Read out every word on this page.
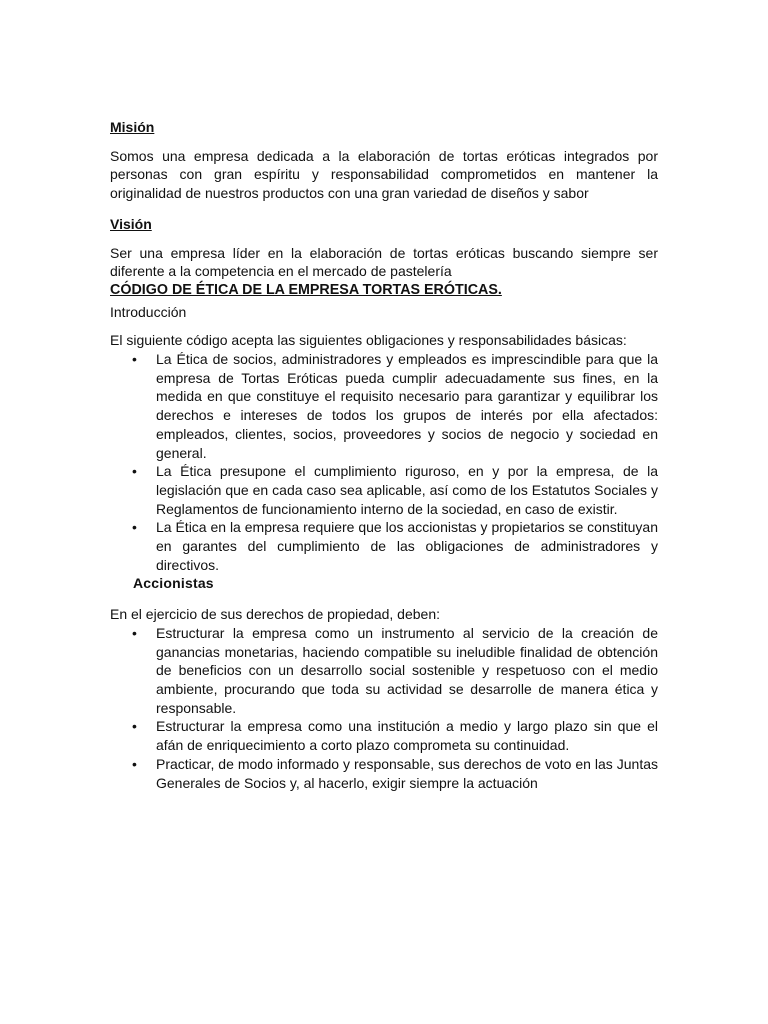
Misión

Somos una empresa dedicada a la elaboración de tortas eróticas integrados por personas con gran espíritu y responsabilidad comprometidos en mantener la originalidad de nuestros productos con una gran variedad de diseños y sabor

Visión

Ser una empresa líder en la elaboración de tortas eróticas buscando siempre ser diferente a la competencia en el mercado de pastelería

CÓDIGO DE ÉTICA DE LA EMPRESA TORTAS ERÓTICAS.

Introducción

El siguiente código acepta las siguientes obligaciones y responsabilidades básicas:

• La Ética de socios, administradores y empleados es imprescindible para que la empresa de Tortas Eróticas pueda cumplir adecuadamente sus fines, en la medida en que constituye el requisito necesario para garantizar y equilibrar los derechos e intereses de todos los grupos de interés por ella afectados: empleados, clientes, socios, proveedores y socios de negocio y sociedad en general.
• La Ética presupone el cumplimiento riguroso, en y por la empresa, de la legislación que en cada caso sea aplicable, así como de los Estatutos Sociales y Reglamentos de funcionamiento interno de la sociedad, en caso de existir.
• La Ética en la empresa requiere que los accionistas y propietarios se constituyan en garantes del cumplimiento de las obligaciones de administradores y directivos.

Accionistas

En el ejercicio de sus derechos de propiedad, deben:

• Estructurar la empresa como un instrumento al servicio de la creación de ganancias monetarias, haciendo compatible su ineludible finalidad de obtención de beneficios con un desarrollo social sostenible y respetuoso con el medio ambiente, procurando que toda su actividad se desarrolle de manera ética y responsable.
• Estructurar la empresa como una institución a medio y largo plazo sin que el afán de enriquecimiento a corto plazo comprometa su continuidad.
• Practicar, de modo informado y responsable, sus derechos de voto en las Juntas Generales de Socios y, al hacerlo, exigir siempre la actuación
